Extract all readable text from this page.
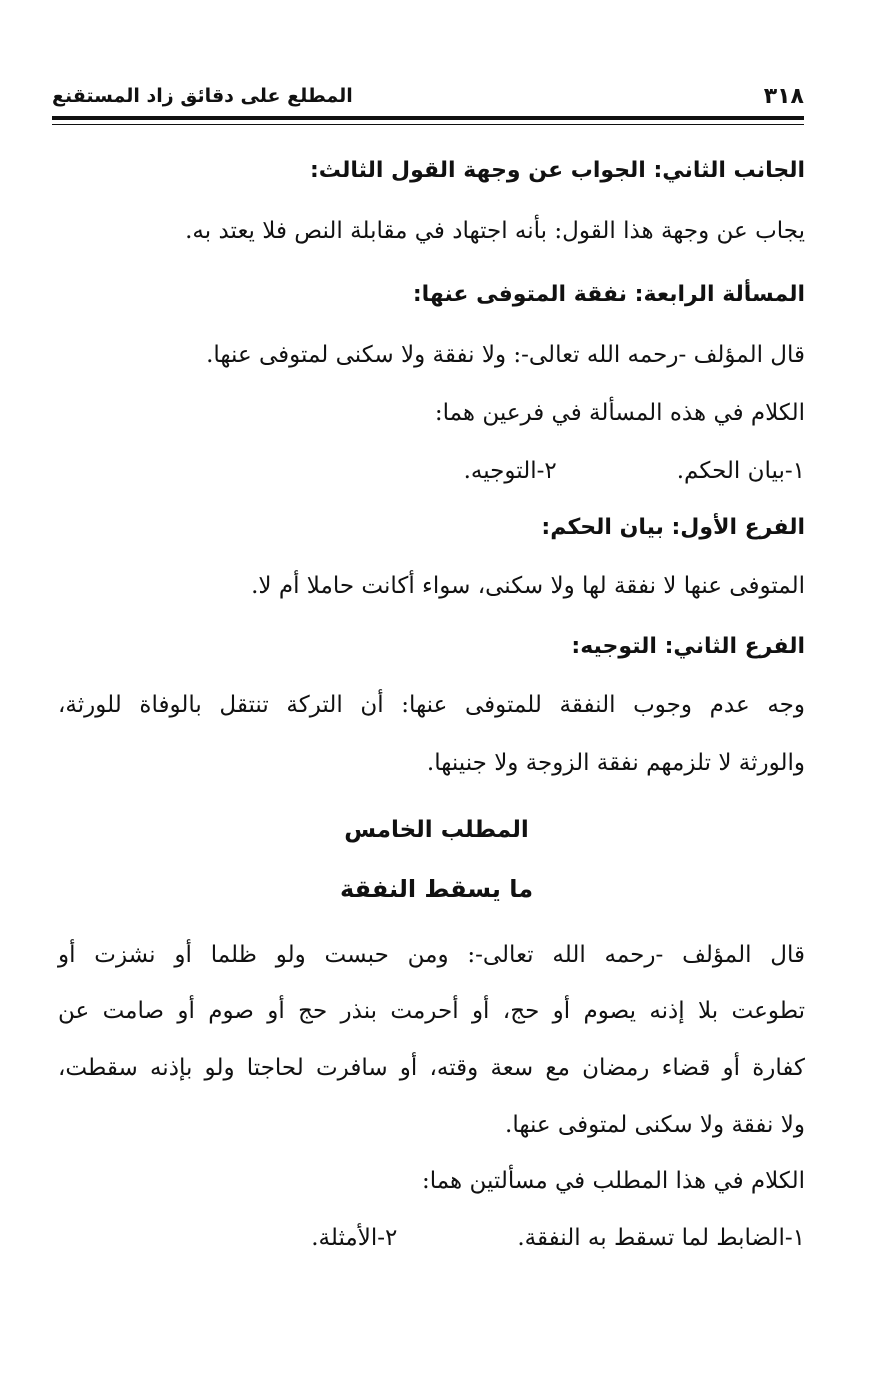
٣١٨
المطلع على دقائق زاد المستقنع
الجانب الثاني: الجواب عن وجهة القول الثالث:
يجاب عن وجهة هذا القول: بأنه اجتهاد في مقابلة النص فلا يعتد به.
المسألة الرابعة: نفقة المتوفى عنها:
قال المؤلف -رحمه الله تعالى-: ولا نفقة ولا سكنى لمتوفى عنها.
الكلام في هذه المسألة في فرعين هما:
١-بيان الحكم.
٢-التوجيه.
الفرع الأول: بيان الحكم:
المتوفى عنها لا نفقة لها ولا سكنى، سواء أكانت حاملا أم لا.
الفرع الثاني: التوجيه:
وجه عدم وجوب النفقة للمتوفى عنها: أن التركة تنتقل بالوفاة للورثة،
والورثة لا تلزمهم نفقة الزوجة ولا جنينها.
المطلب الخامس
ما يسقط النفقة
قال المؤلف -رحمه الله تعالى-: ومن حبست ولو ظلما أو نشزت أو
تطوعت بلا إذنه يصوم أو حج، أو أحرمت بنذر حج أو صوم أو صامت عن
كفارة أو قضاء رمضان مع سعة وقته، أو سافرت لحاجتا ولو بإذنه سقطت،
ولا نفقة ولا سكنى لمتوفى عنها.
الكلام في هذا المطلب في مسألتين هما:
١-الضابط لما تسقط به النفقة.
٢-الأمثلة.
